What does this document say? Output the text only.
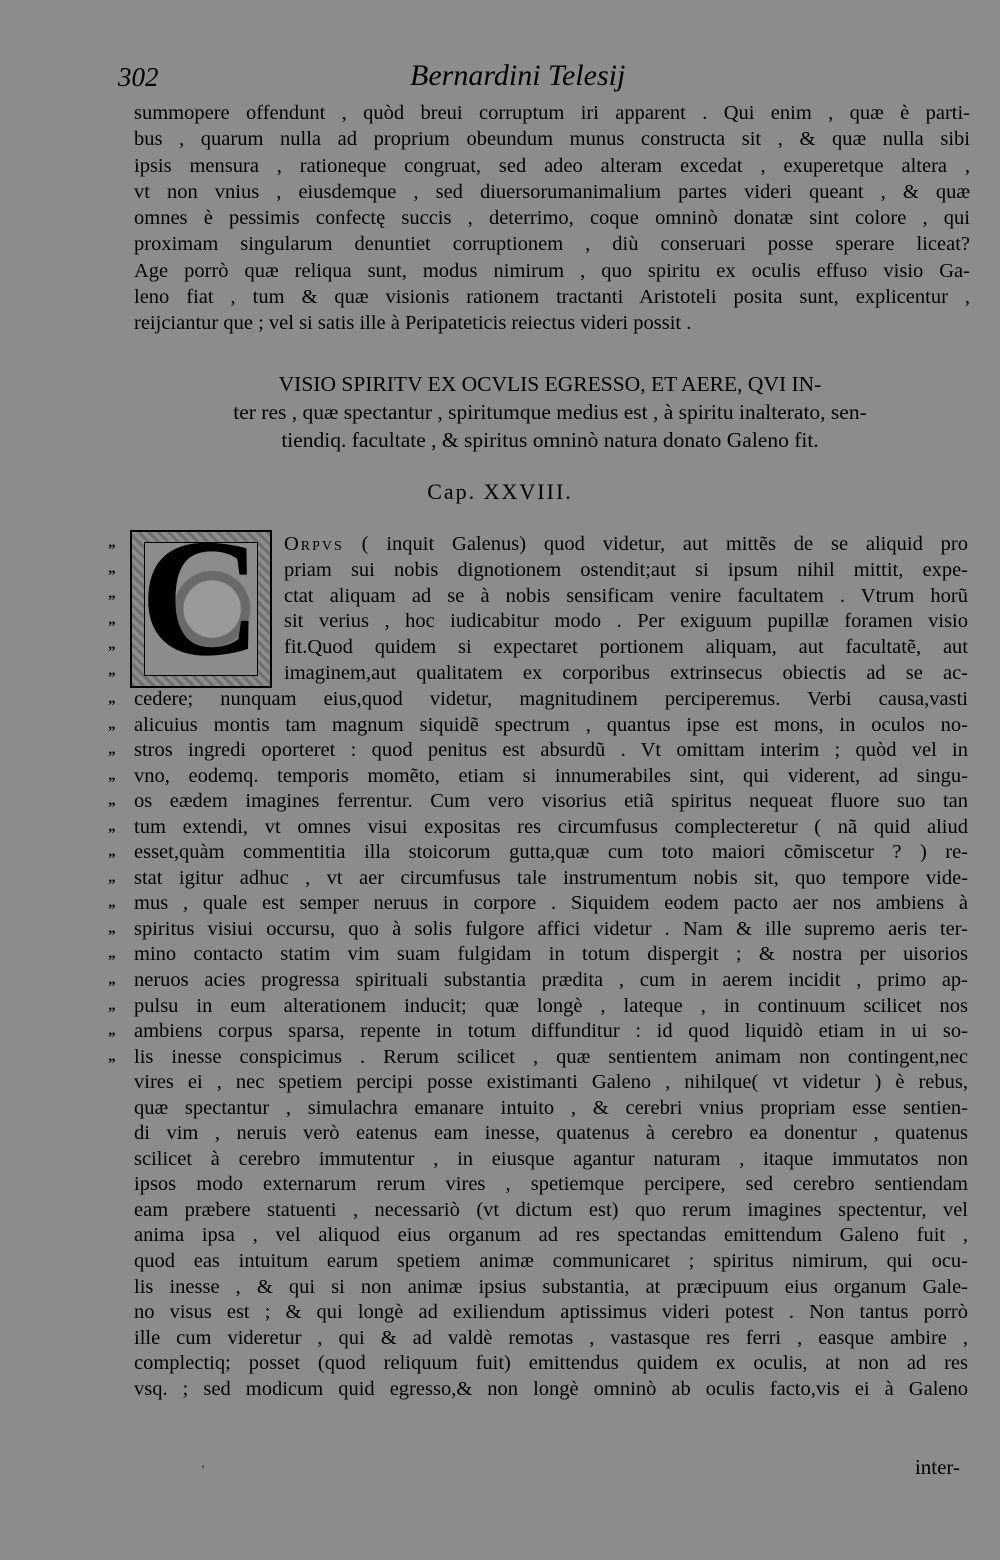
302	Bernardini Telesij
summopere offendunt , quòd breui corruptum iri apparent . Qui enim , quæ è parti-
bus , quarum nulla ad proprium obeundum munus constructa sit , & quæ nulla sibi
ipsis mensura , rationeque congruat, sed adeo alteram excedat , exuperetque altera ,
vt non vnius , eiusdemque , sed diuersorumanimalium partes videri queant , & quæ
omnes è pessimis confectę succis , deterrimo, coque omninò donatæ sint colore , qui
proximam singularum denuntiet corruptionem , diù conseruari posse sperare liceat?
Age porrò quæ reliqua sunt, modus nimirum , quo spiritu ex oculis effuso visio Ga-
leno fiat , tum & quæ visionis rationem tractanti Aristoteli posita sunt, explicentur ,
reijciantur que ; vel si satis ille à Peripateticis reiectus videri possit .
VISIO SPIRITV EX OCVLIS EGRESSO, ET AERE, QVI IN-
ter res , quæ spectantur , spiritumque medius est , à spiritu inalterato, sen-
tiendiq. facultate , & spiritus omninò natura donato Galeno fit.
Cap. XXVIII.
”
”
”
”
”
” C Orpvs ( inquit Galenus) quod videtur, aut mittẽs de se aliquid pro
priam sui nobis dignotionem ostendit;aut si ipsum nihil mittit, expe-
ctat aliquam ad se à nobis sensificam venire facultatem . Vtrum horũ
sit verius , hoc iudicabitur modo . Per exiguum pupillæ foramen visio
fit.Quod quidem si expectaret portionem aliquam, aut facultatẽ, aut
imaginem,aut qualitatem ex corporibus extrinsecus obiectis ad se ac-
”
”
”
”
”
”
”
”
”
”
”
”
”
”
”
cedere; nunquam eius,quod videtur, magnitudinem perciperemus. Verbi causa,vasti
alicuius montis tam magnum siquidẽ spectrum , quantus ipse est mons, in oculos no-
stros ingredi oporteret : quod penitus est absurdũ . Vt omittam interim ; quòd vel in
vno, eodemq. temporis momẽto, etiam si innumerabiles sint, qui viderent, ad singu-
os eædem imagines ferrentur. Cum vero visorius etiã spiritus nequeat fluore suo tan
tum extendi, vt omnes visui expositas res circumfusus complecteretur ( nã quid aliud
esset,quàm commentitia illa stoicorum gutta,quæ cum toto maiori cõmiscetur ? ) re-
stat igitur adhuc , vt aer circumfusus tale instrumentum nobis sit, quo tempore vide-
mus , quale est semper neruus in corpore . Siquidem eodem pacto aer nos ambiens à
spiritus visiui occursu, quo à solis fulgore affici videtur . Nam & ille supremo aeris ter-
mino contacto statim vim suam fulgidam in totum dispergit ; & nostra per uisorios
neruos acies progressa spirituali substantia prædita , cum in aerem incidit , primo ap-
pulsu in eum alterationem inducit; quæ longè , lateque , in continuum scilicet nos
ambiens corpus sparsa, repente in totum diffunditur : id quod liquidò etiam in ui so-
lis inesse conspicimus . Rerum scilicet , quæ sentientem animam non contingent,nec
vires ei , nec spetiem percipi posse existimanti Galeno , nihilque( vt videtur ) è rebus,
quæ spectantur , simulachra emanare intuito , & cerebri vnius propriam esse sentien-
di vim , neruis verò eatenus eam inesse, quatenus à cerebro ea donentur , quatenus
scilicet à cerebro immutentur , in eiusque agantur naturam , itaque immutatos non
ipsos modo externarum rerum vires , spetiemque percipere, sed cerebro sentiendam
eam præbere statuenti , necessariò (vt dictum est) quo rerum imagines spectentur, vel
anima ipsa , vel aliquod eius organum ad res spectandas emittendum Galeno fuit ,
quod eas intuitum earum spetiem animæ communicaret ; spiritus nimirum, qui ocu-
lis inesse , & qui si non animæ ipsius substantia, at præcipuum eius organum Gale-
no visus est ; & qui longè ad exiliendum aptissimus videri potest . Non tantus porrò
ille cum videretur , qui & ad valdè remotas , vastasque res ferri , easque ambire ,
complectiq; posset (quod reliquum fuit) emittendus quidem ex oculis, at non ad res
vsq. ; sed modicum quid egresso,& non longè omninò ab oculis facto,vis ei à Galeno
'	inter-
